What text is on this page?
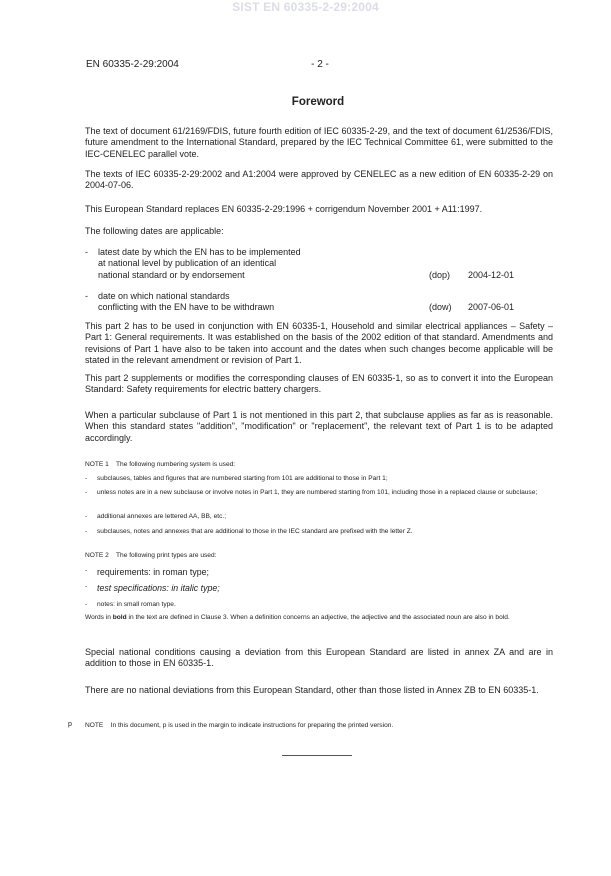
SIST EN 60335-2-29:2004
EN 60335-2-29:2004	- 2 -
Foreword
The text of document 61/2169/FDIS, future fourth edition of IEC 60335-2-29, and the text of document 61/2536/FDIS, future amendment to the International Standard, prepared by the IEC Technical Committee 61, were submitted to the IEC-CENELEC parallel vote.
The texts of IEC 60335-2-29:2002 and A1:2004 were approved by CENELEC as a new edition of EN 60335-2-29 on 2004-07-06.
This European Standard replaces EN 60335-2-29:1996 + corrigendum November 2001 + A11:1997.
The following dates are applicable:
- latest date by which the EN has to be implemented
at national level by publication of an identical
national standard or by endorsement	(dop) 2004-12-01
- date on which national standards
conflicting with the EN have to be withdrawn	(dow) 2007-06-01
This part 2 has to be used in conjunction with EN 60335-1, Household and similar electrical appliances – Safety – Part 1: General requirements. It was established on the basis of the 2002 edition of that standard. Amendments and revisions of Part 1 have also to be taken into account and the dates when such changes become applicable will be stated in the relevant amendment or revision of Part 1.
This part 2 supplements or modifies the corresponding clauses of EN 60335-1, so as to convert it into the European Standard: Safety requirements for electric battery chargers.
When a particular subclause of Part 1 is not mentioned in this part 2, that subclause applies as far as is reasonable. When this standard states "addition", "modification" or "replacement", the relevant text of Part 1 is to be adapted accordingly.
NOTE 1    The following numbering system is used:
- subclauses, tables and figures that are numbered starting from 101 are additional to those in Part 1;
- unless notes are in a new subclause or involve notes in Part 1, they are numbered starting from 101, including those in a replaced clause or subclause;
- additional annexes are lettered AA, BB, etc.;
- subclauses, notes and annexes that are additional to those in the IEC standard are prefixed with the letter Z.
NOTE 2    The following print types are used:
- requirements: in roman type;
- test specifications: in italic type;
- notes: in small roman type.
Words in bold in the text are defined in Clause 3. When a definition concerns an adjective, the adjective and the associated noun are also in bold.
Special national conditions causing a deviation from this European Standard are listed in annex ZA and are in addition to those in EN 60335-1.
There are no national deviations from this European Standard, other than those listed in Annex ZB to EN 60335-1.
p NOTE    In this document, p is used in the margin to indicate instructions for preparing the printed version.
